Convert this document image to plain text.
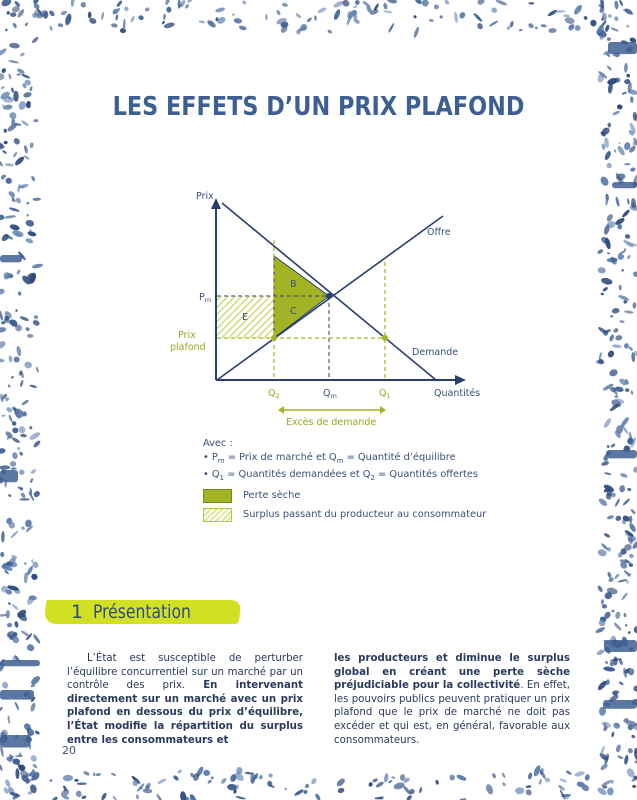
LES EFFETS D’UN PRIX PLAFOND
Prix
Quantités
Offre
Demande
$P_m$
Prix
plafond
B
C
E
$Q_2$	$Q_m$	$Q_1$
Excès de demande
Avec :
• $P_m$ = Prix de marché et $Q_m$ = Quantité d’équilibre
• $Q_1$ = Quantités demandées et $Q_2$ = Quantités offertes
Perte sèche
Surplus passant du producteur au consommateur
1 Présentation
L’État est susceptible de perturber l’équilibre concurrentiel sur un marché par un contrôle des prix. En intervenant directement sur un marché avec un prix plafond en dessous du prix d’équilibre, l’État modifie la répartition du surplus entre les consommateurs et
les producteurs et diminue le surplus global en créant une perte sèche préjudiciable pour la collectivité. En effet, les pouvoirs publics peuvent pratiquer un prix plafond que le prix de marché ne doit pas excéder et qui est, en général, favorable aux consommateurs.
20
